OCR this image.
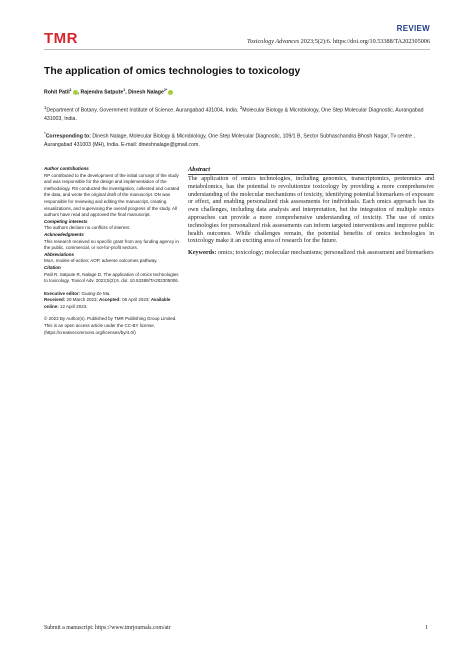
TMR
REVIEW
Toxicology Advances 2023;5(2):6. https://doi.org/10.53388/TA202305006
The application of omics technologies to toxicology
Rohit Patil$^1$ , Rajendra Satpute$^1$, Dinesh Nalage$^{2*}$
$^1$Department of Botany, Government Institute of Science, Aurangabad 431004, India. $^2$Molecular Biology & Microbiology, One Step Molecular Diagnostic, Aurangabad 431003, India.
*Corresponding to: Dinesh Nalage, Molecular Biology & Microbiology, One Step Molecular Diagnostic, 109/1 B, Sector Subhaschandra Bhosh Nagar, Tv centre , Aurangabad 431003 (MH), India. E-mail: dineshnalage@gmail.com.

Author contributions

RP contributed to the development of the initial concept of the study and was responsible for the design and implementation of the methodology. RS conducted the investigation, collected and curated the data, and wrote the original draft of the manuscript. DN was responsible for reviewing and editing the manuscript, creating visualizations, and supervising the overall progress of the study. All authors have read and approved the final manuscript.

Competing interests

The authors declare no conflicts of interest.

Acknowledgments

This research received no specific grant from any funding agency in the public, commercial, or not-for-profit sectors.

Abbreviations

MoA, modes-of-action; AOP, adverse outcomes pathway.

Citation

Patil R, Satpute R, Nalage D. The application of omics technologies to toxicology. Toxicol Adv. 2023;5(2):6. doi: 10.53388/TA202305006.

Executive editor: Guang-Ze Ma.

Received: 20 March 2023; Accepted: 06 April 2023; Available online: 12 April 2023.

© 2023 By Author(s). Published by TMR Publishing Group Limited. This is an open access article under the CC-BY license. (https://creativecommons.org/licenses/by/4.0/)

Abstract

The application of omics technologies, including genomics, transcriptomics, proteomics and metabolomics, has the potential to revolutionize toxicology by providing a more comprehensive understanding of the molecular mechanisms of toxicity, identifying potential biomarkers of exposure or effect, and enabling personalized risk assessments for individuals. Each omics approach has its own challenges, including data analysis and interpretation, but the integration of multiple omics approaches can provide a more comprehensive understanding of toxicity. The use of omics technologies for personalized risk assessments can inform targeted interventions and improve public health outcomes. While challenges remain, the potential benefits of omics technologies in toxicology make it an exciting area of research for the future.

Keywords: omics; toxicology; molecular mechanisms; personalized risk assessment and biomarkers
Submit a manuscript: https://www.tmrjournals.com/atr	1
